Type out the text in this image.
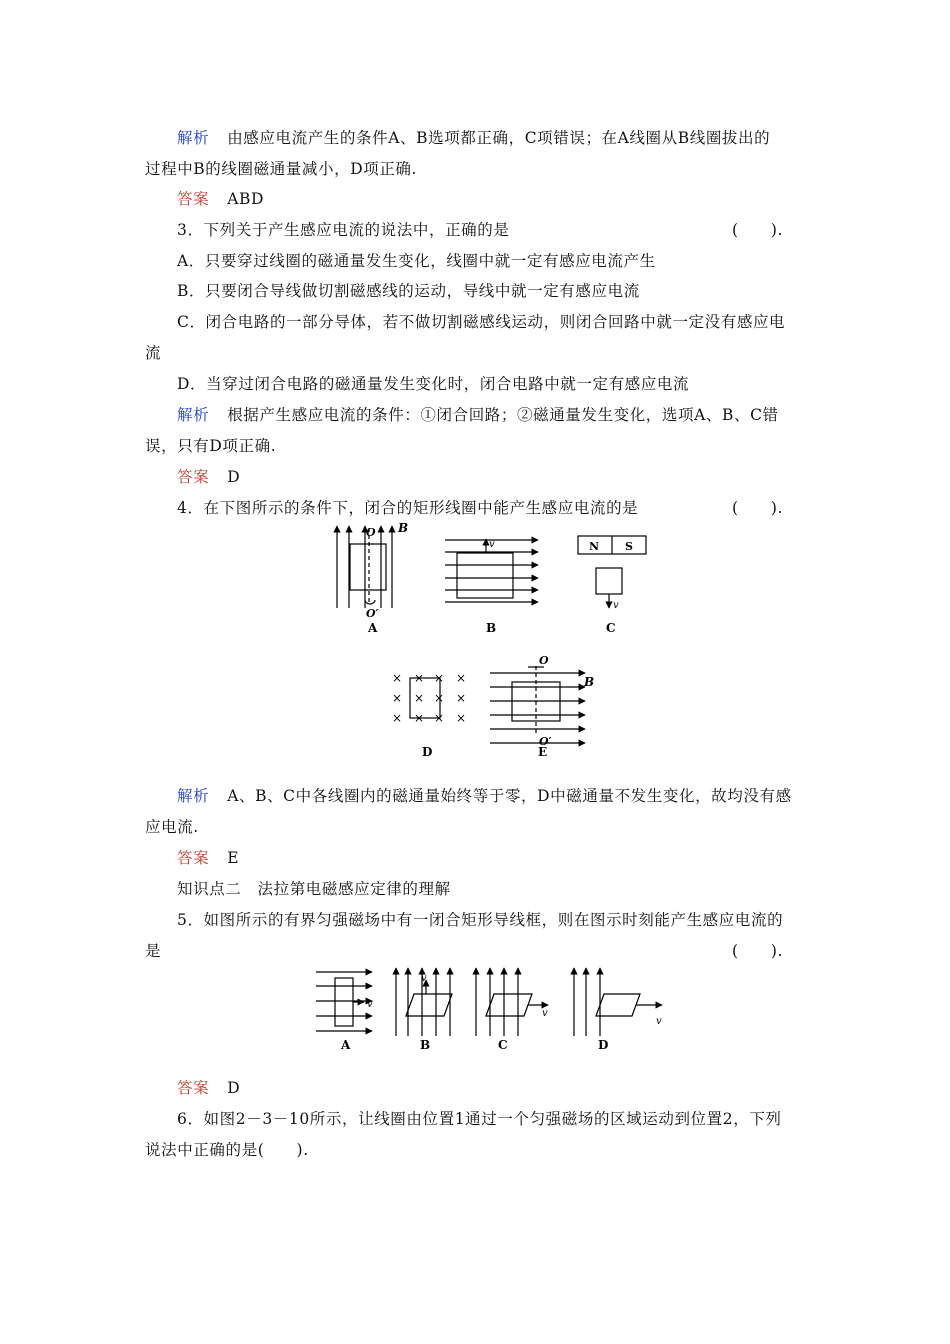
解析 由感应电流产生的条件A、B选项都正确，C项错误；在A线圈从B线圈拔出的
过程中B的线圈磁通量减小，D项正确.
答案 ABD
3．下列关于产生感应电流的说法中，正确的是	(　　).
A．只要穿过线圈的磁通量发生变化，线圈中就一定有感应电流产生
B．只要闭合导线做切割磁感线的运动，导线中就一定有感应电流
C．闭合电路的一部分导体，若不做切割磁感线运动，则闭合回路中就一定没有感应电
流
D．当穿过闭合电路的磁通量发生变化时，闭合电路中就一定有感应电流
解析 根据产生感应电流的条件：①闭合回路；②磁通量发生变化，选项A、B、C错
误，只有D项正确.
答案 D
4．在下图所示的条件下，闭合的矩形线圈中能产生感应电流的是	(　　).
B
O
O′
A
v
B
N S
v
C
× × × ×
× × × ×
× × × ×
D
O
B
O′
E
解析 A、B、C中各线圈内的磁通量始终等于零，D中磁通量不发生变化，故均没有感
应电流.
答案 E
知识点二　法拉第电磁感应定律的理解
5．如图所示的有界匀强磁场中有一闭合矩形导线框，则在图示时刻能产生感应电流的
是	(　　).
v
v
v
v
A	B	C	D
答案 D
6．如图2－3－10所示，让线圈由位置1通过一个匀强磁场的区域运动到位置2，下列
说法中正确的是(　　).
